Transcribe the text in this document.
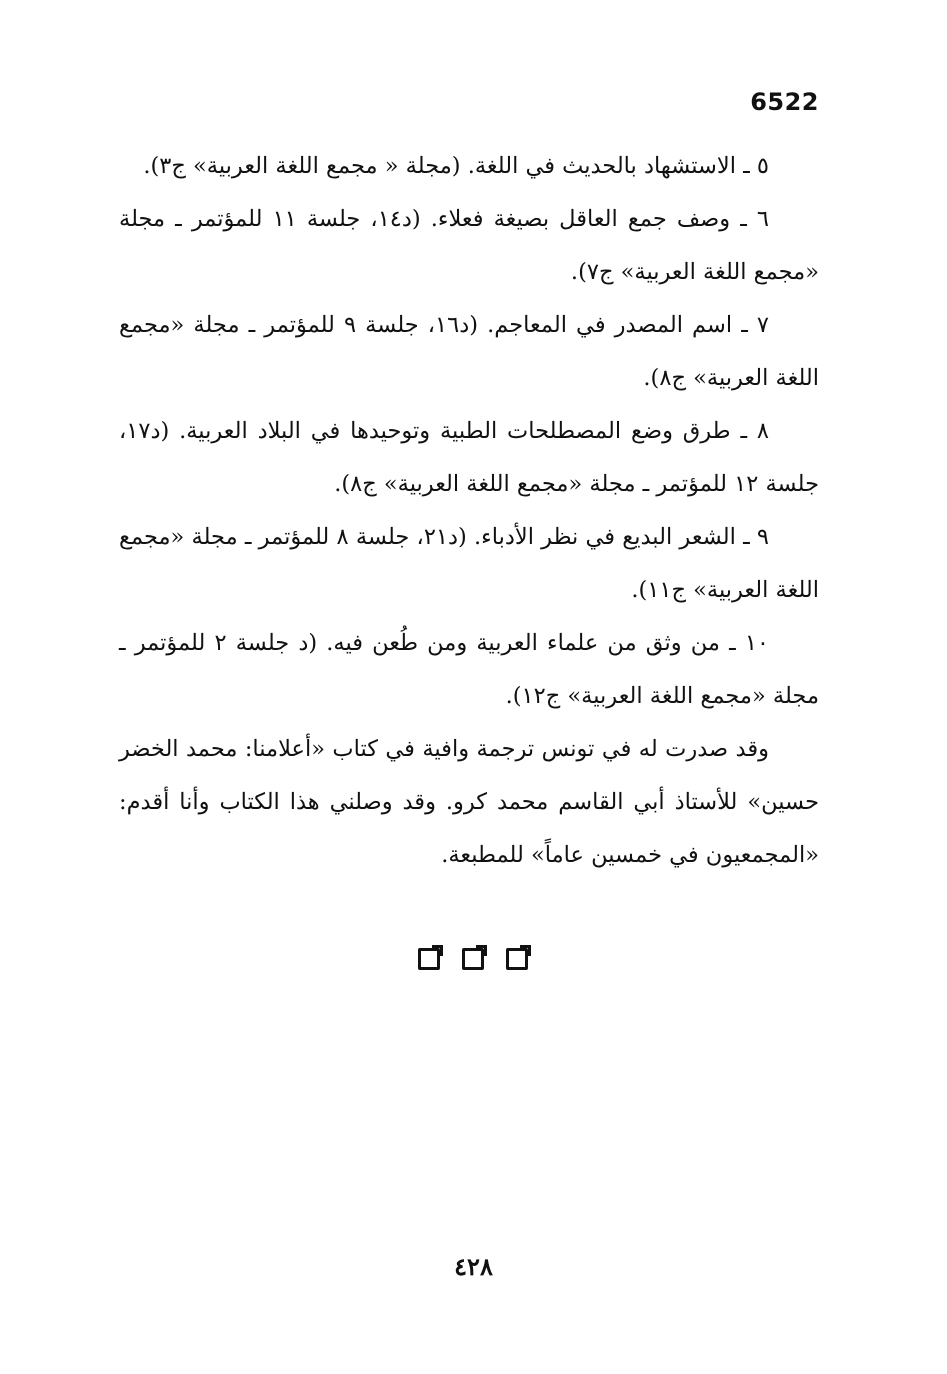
6522

٥ ـ الاستشهاد بالحديث في اللغة. (مجلة « مجمع اللغة العربية» ج٣).

٦ ـ وصف جمع العاقل بصيغة فعلاء. (د١٤، جلسة ١١ للمؤتمر ـ مجلة «مجمع اللغة العربية» ج٧).

٧ ـ اسم المصدر في المعاجم. (د١٦، جلسة ٩ للمؤتمر ـ مجلة «مجمع اللغة العربية» ج٨).

٨ ـ طرق وضع المصطلحات الطبية وتوحيدها في البلاد العربية. (د١٧، جلسة ١٢ للمؤتمر ـ مجلة «مجمع اللغة العربية» ج٨).

٩ ـ الشعر البديع في نظر الأدباء. (د٢١، جلسة ٨ للمؤتمر ـ مجلة «مجمع اللغة العربية» ج١١).

١٠ ـ من وثق من علماء العربية ومن طُعن فيه. (د جلسة ٢ للمؤتمر ـ مجلة «مجمع اللغة العربية» ج١٢).

وقد صدرت له في تونس ترجمة وافية في كتاب «أعلامنا: محمد الخضر حسين» للأستاذ أبي القاسم محمد كرو. وقد وصلني هذا الكتاب وأنا أقدم: «المجمعيون في خمسين عاماً» للمطبعة.

٤٢٨
